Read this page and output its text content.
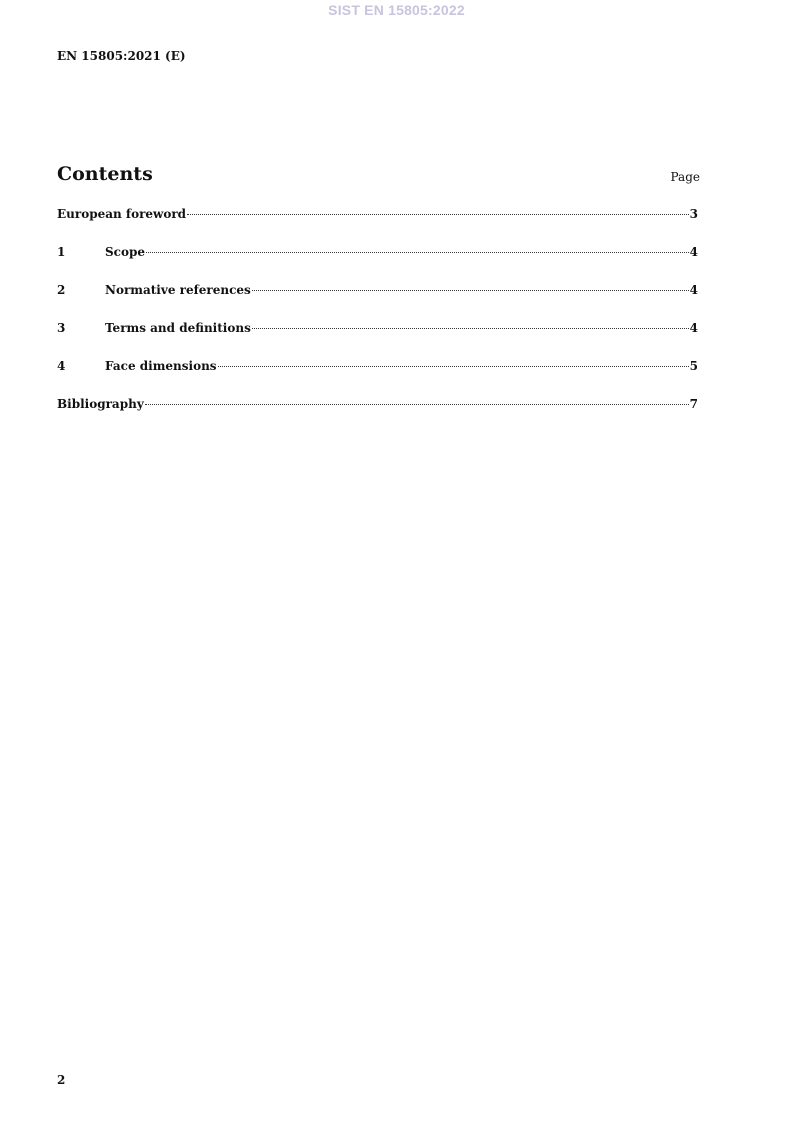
SIST EN 15805:2022
EN 15805:2021 (E)
Contents	Page
European foreword	3
1	Scope	4
2	Normative references	4
3	Terms and definitions	4
4	Face dimensions	5
Bibliography	7
2
